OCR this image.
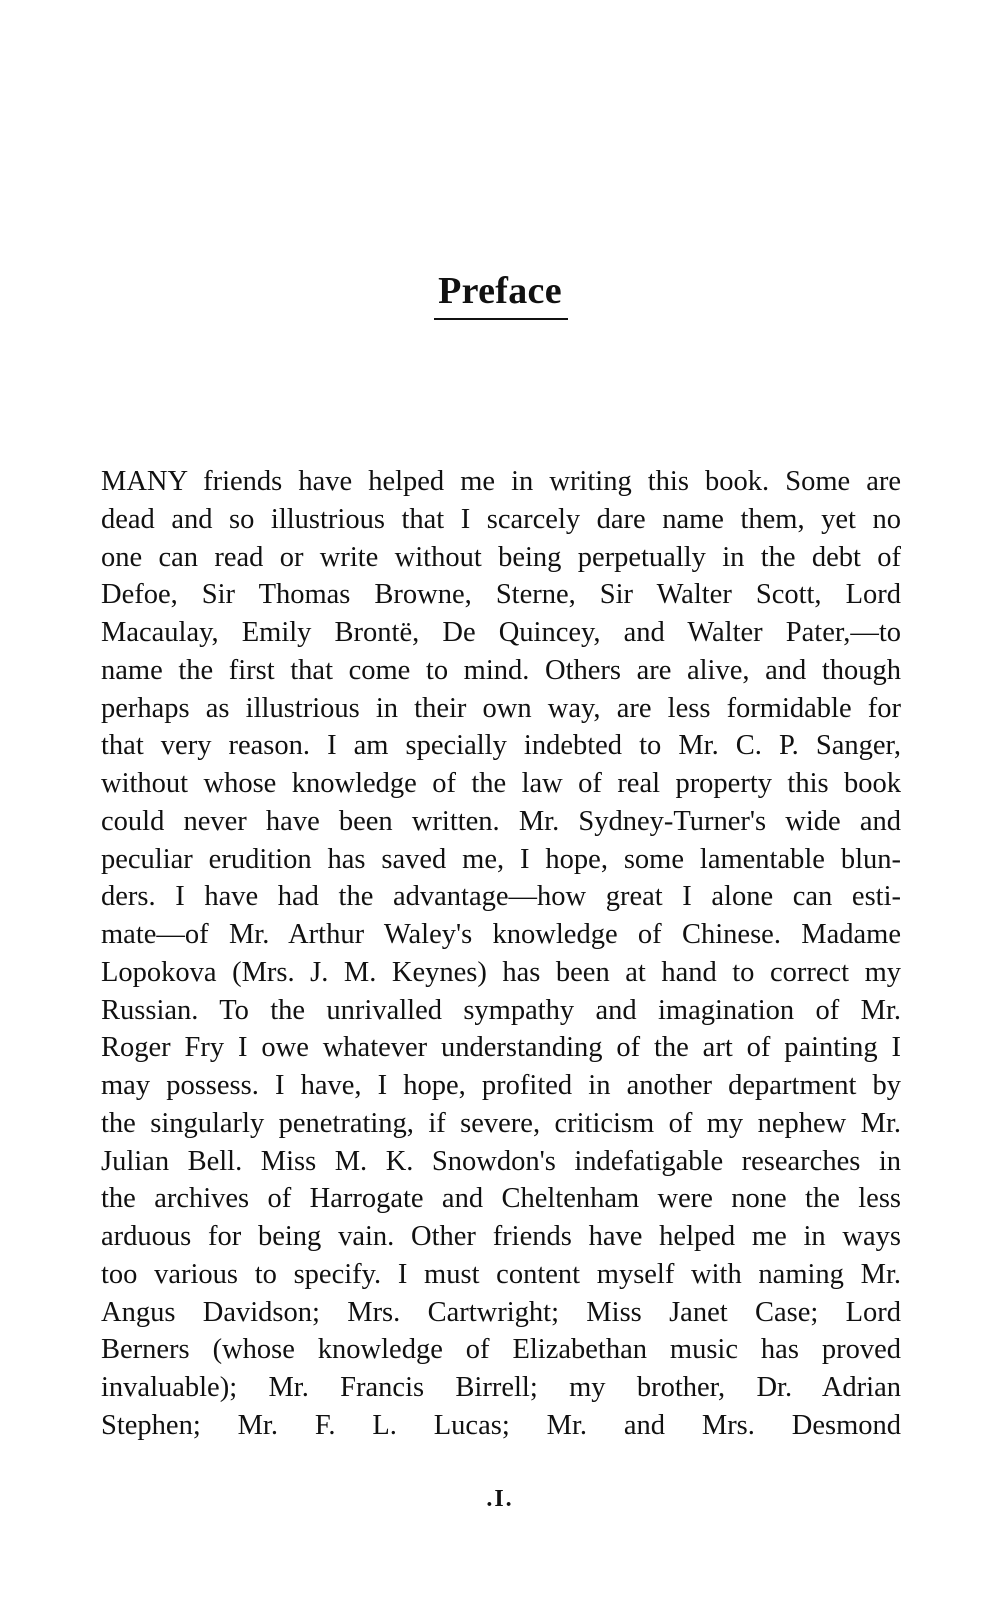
Preface
MANY friends have helped me in writing this book. Some are
dead and so illustrious that I scarcely dare name them, yet no
one can read or write without being perpetually in the debt of
Defoe, Sir Thomas Browne, Sterne, Sir Walter Scott, Lord
Macaulay, Emily Brontë, De Quincey, and Walter Pater,—to
name the first that come to mind. Others are alive, and though
perhaps as illustrious in their own way, are less formidable for
that very reason. I am specially indebted to Mr. C. P. Sanger,
without whose knowledge of the law of real property this book
could never have been written. Mr. Sydney-Turner's wide and
peculiar erudition has saved me, I hope, some lamentable blun-
ders. I have had the advantage—how great I alone can esti-
mate—of Mr. Arthur Waley's knowledge of Chinese. Madame
Lopokova (Mrs. J. M. Keynes) has been at hand to correct my
Russian. To the unrivalled sympathy and imagination of Mr.
Roger Fry I owe whatever understanding of the art of painting I
may possess. I have, I hope, profited in another department by
the singularly penetrating, if severe, criticism of my nephew Mr.
Julian Bell. Miss M. K. Snowdon's indefatigable researches in
the archives of Harrogate and Cheltenham were none the less
arduous for being vain. Other friends have helped me in ways
too various to specify. I must content myself with naming Mr.
Angus Davidson; Mrs. Cartwright; Miss Janet Case; Lord
Berners (whose knowledge of Elizabethan music has proved
invaluable); Mr. Francis Birrell; my brother, Dr. Adrian
Stephen; Mr. F. L. Lucas; Mr. and Mrs. Desmond
.I.
